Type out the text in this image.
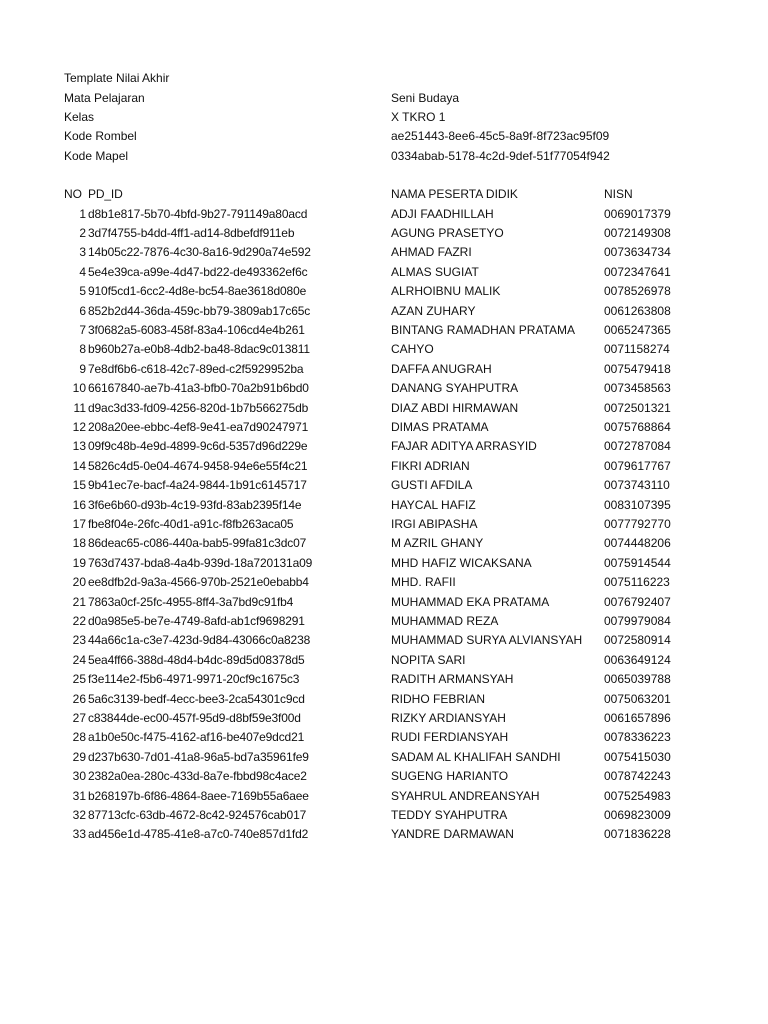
Template Nilai Akhir
Mata Pelajaran	Seni Budaya
Kelas	X TKRO 1
Kode Rombel	ae251443-8ee6-45c5-8a9f-8f723ac95f09
Kode Mapel	0334abab-5178-4c2d-9def-51f77054f942
NO PD_ID	NAMA PESERTA DIDIK	NISN
1 d8b1e817-5b70-4bfd-9b27-791149a80acd	ADJI FAADHILLAH	0069017379
2 3d7f4755-b4dd-4ff1-ad14-8dbefdf911eb	AGUNG PRASETYO	0072149308
3 14b05c22-7876-4c30-8a16-9d290a74e592	AHMAD FAZRI	0073634734
4 5e4e39ca-a99e-4d47-bd22-de493362ef6c	ALMAS SUGIAT	0072347641
5 910f5cd1-6cc2-4d8e-bc54-8ae3618d080e	ALRHOIBNU MALIK	0078526978
6 852b2d44-36da-459c-bb79-3809ab17c65c	AZAN ZUHARY	0061263808
7 3f0682a5-6083-458f-83a4-106cd4e4b261	BINTANG RAMADHAN PRATAMA 0065247365
8 b960b27a-e0b8-4db2-ba48-8dac9c013811	CAHYO	0071158274
9 7e8df6b6-c618-42c7-89ed-c2f5929952ba	DAFFA ANUGRAH	0075479418
10 66167840-ae7b-41a3-bfb0-70a2b91b6bd0	DANANG SYAHPUTRA	0073458563
11 d9ac3d33-fd09-4256-820d-1b7b566275db	DIAZ ABDI HIRMAWAN	0072501321
12 208a20ee-ebbc-4ef8-9e41-ea7d90247971	DIMAS PRATAMA	0075768864
13 09f9c48b-4e9d-4899-9c6d-5357d96d229e	FAJAR ADITYA ARRASYID	0072787084
14 5826c4d5-0e04-4674-9458-94e6e55f4c21	FIKRI ADRIAN	0079617767
15 9b41ec7e-bacf-4a24-9844-1b91c6145717	GUSTI AFDILA	0073743110
16 3f6e6b60-d93b-4c19-93fd-83ab2395f14e	HAYCAL HAFIZ	0083107395
17 fbe8f04e-26fc-40d1-a91c-f8fb263aca05	IRGI ABIPASHA	0077792770
18 86deac65-c086-440a-bab5-99fa81c3dc07	M AZRIL GHANY	0074448206
19 763d7437-bda8-4a4b-939d-18a720131a09	MHD HAFIZ WICAKSANA	0075914544
20 ee8dfb2d-9a3a-4566-970b-2521e0ebabb4	MHD. RAFII	0075116223
21 7863a0cf-25fc-4955-8ff4-3a7bd9c91fb4	MUHAMMAD EKA PRATAMA	0076792407
22 d0a985e5-be7e-4749-8afd-ab1cf9698291	MUHAMMAD REZA	0079979084
23 44a66c1a-c3e7-423d-9d84-43066c0a8238	MUHAMMAD SURYA ALVIANSYAH 0072580914
24 5ea4ff66-388d-48d4-b4dc-89d5d08378d5	NOPITA SARI	0063649124
25 f3e114e2-f5b6-4971-9971-20cf9c1675c3	RADITH ARMANSYAH	0065039788
26 5a6c3139-bedf-4ecc-bee3-2ca54301c9cd	RIDHO FEBRIAN	0075063201
27 c83844de-ec00-457f-95d9-d8bf59e3f00d	RIZKY ARDIANSYAH	0061657896
28 a1b0e50c-f475-4162-af16-be407e9dcd21	RUDI FERDIANSYAH	0078336223
29 d237b630-7d01-41a8-96a5-bd7a35961fe9	SADAM AL KHALIFAH SANDHI	0075415030
30 2382a0ea-280c-433d-8a7e-fbbd98c4ace2	SUGENG HARIANTO	0078742243
31 b268197b-6f86-4864-8aee-7169b55a6aee	SYAHRUL ANDREANSYAH	0075254983
32 87713cfc-63db-4672-8c42-924576cab017	TEDDY SYAHPUTRA	0069823009
33 ad456e1d-4785-41e8-a7c0-740e857d1fd2	YANDRE DARMAWAN	0071836228
